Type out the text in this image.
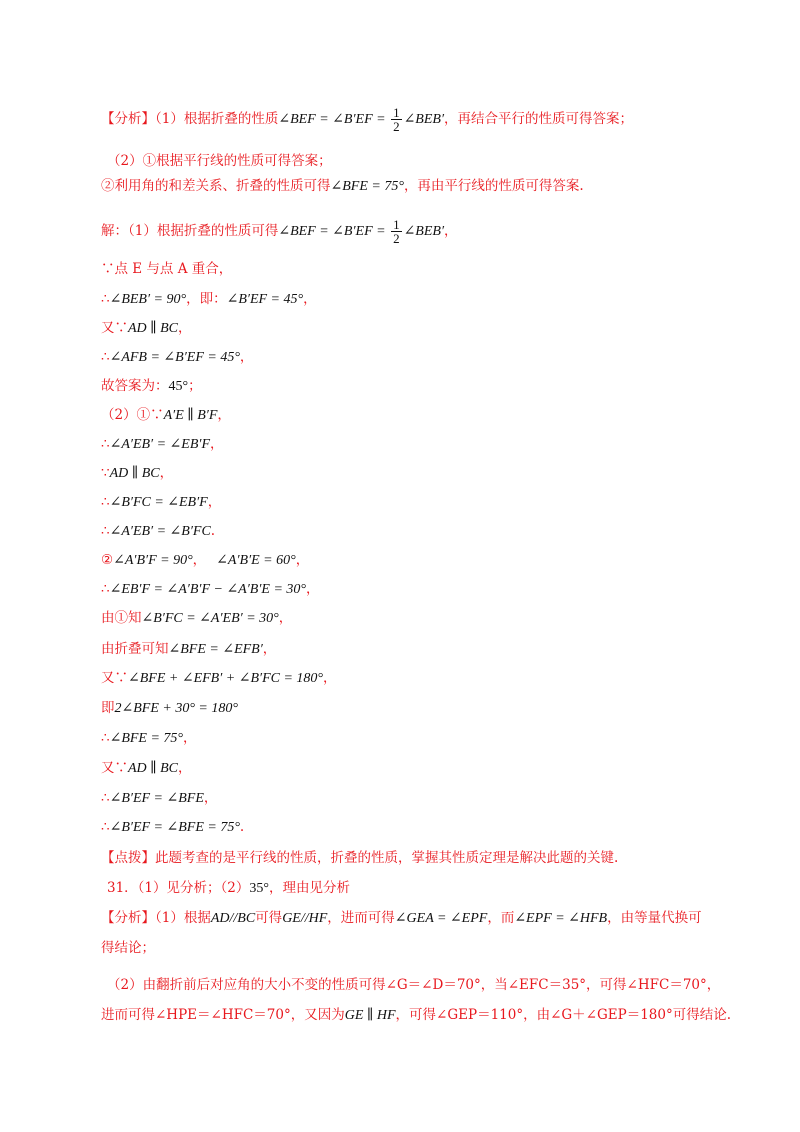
【分析】（1）根据折叠的性质∠BEF = ∠B′EF = $\frac{1}{2}$ ∠BEB′，再结合平行的性质可得答案；
（2）①根据平行线的性质可得答案；
②利用角的和差关系、折叠的性质可得∠BFE = 75°，再由平行线的性质可得答案.
解：（1）根据折叠的性质可得∠BEF = ∠B′EF = $\frac{1}{2}$ ∠BEB′，
∵点 E 与点 A 重合，
∴∠BEB′ = 90°，即：∠B′EF = 45°，
又∵AD ∥ BC，
∴∠AFB = ∠B′EF = 45°，
故答案为：45°；
（2）①∵A′E ∥ B′F，
∴∠A′EB′ = ∠EB′F，
∵AD ∥ BC，
∴∠B′FC = ∠EB′F，
∴∠A′EB′ = ∠B′FC.
②∠A′B′F = 90°， ∠A′B′E = 60°，
∴∠EB′F = ∠A′B′F − ∠A′B′E = 30°，
由①知∠B′FC = ∠A′EB′ = 30°，
由折叠可知∠BFE = ∠EFB′，
又∵∠BFE + ∠EFB′ + ∠B′FC = 180°，
即2∠BFE + 30° = 180°
∴∠BFE = 75°，
又∵AD ∥ BC，
∴∠B′EF = ∠BFE，
∴∠B′EF = ∠BFE = 75°.
【点拨】此题考查的是平行线的性质，折叠的性质，掌握其性质定理是解决此题的关键.
31．（1）见分析；（2）35°，理由见分析
【分析】（1）根据AD//BC可得GE//HF，进而可得∠GEA = ∠EPF，而∠EPF = ∠HFB，由等量代换可
得结论；
（2）由翻折前后对应角的大小不变的性质可得∠G＝∠D＝70°，当∠EFC＝35°，可得∠HFC＝70°，
进而可得∠HPE＝∠HFC＝70°，又因为GE ∥ HF，可得∠GEP＝110°，由∠G＋∠GEP＝180°可得结论.
